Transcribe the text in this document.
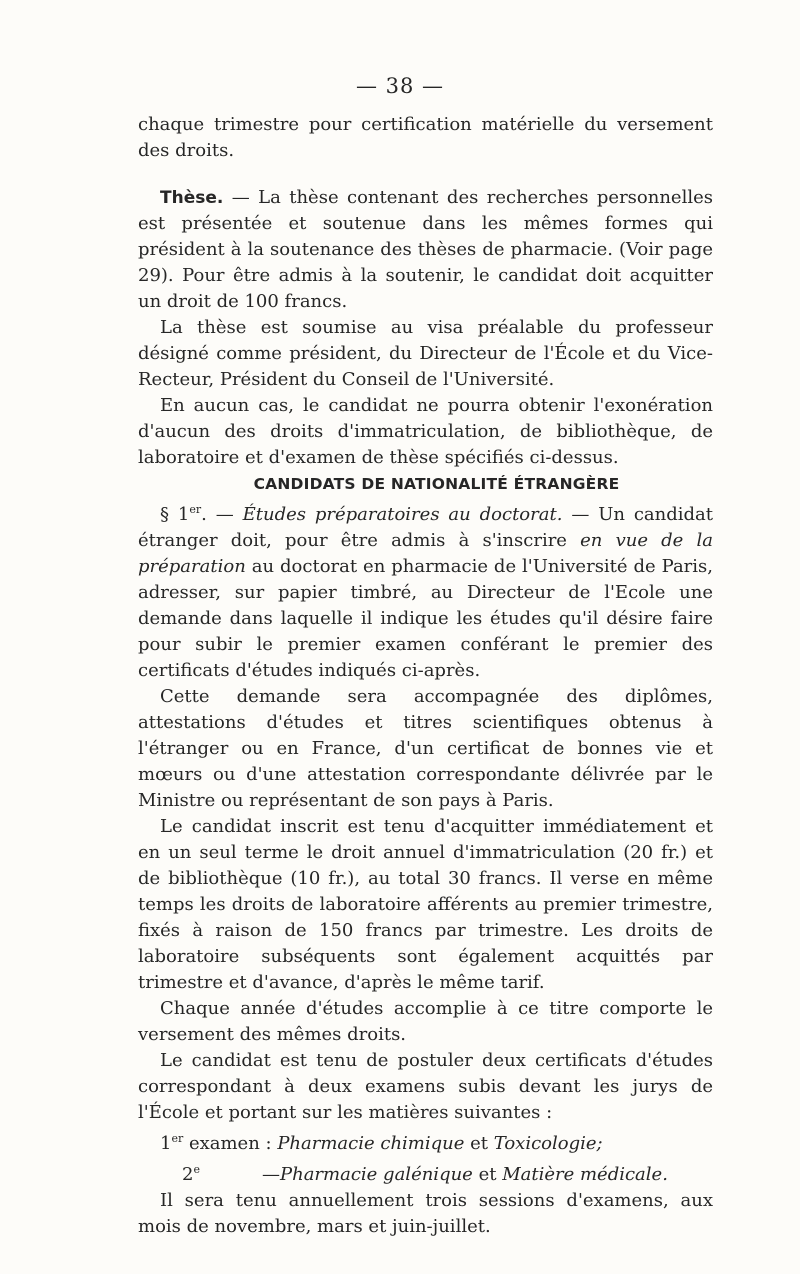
— 38 —

chaque trimestre pour certification matérielle du versement des droits.

Thèse. — La thèse contenant des recherches personnelles est présentée et soutenue dans les mêmes formes qui président à la soutenance des thèses de pharmacie. (Voir page 29). Pour être admis à la soutenir, le candidat doit acquitter un droit de 100 francs.

La thèse est soumise au visa préalable du professeur désigné comme président, du Directeur de l'École et du Vice-Recteur, Président du Conseil de l'Université.

En aucun cas, le candidat ne pourra obtenir l'exonération d'aucun des droits d'immatriculation, de bibliothèque, de laboratoire et d'examen de thèse spécifiés ci-dessus.

CANDIDATS DE NATIONALITÉ ÉTRANGÈRE

§ 1er. — Études préparatoires au doctorat. — Un candidat étranger doit, pour être admis à s'inscrire en vue de la préparation au doctorat en pharmacie de l'Université de Paris, adresser, sur papier timbré, au Directeur de l'Ecole une demande dans laquelle il indique les études qu'il désire faire pour subir le premier examen conférant le premier des certificats d'études indiqués ci-après.

Cette demande sera accompagnée des diplômes, attestations d'études et titres scientifiques obtenus à l'étranger ou en France, d'un certificat de bonnes vie et mœurs ou d'une attestation correspondante délivrée par le Ministre ou représentant de son pays à Paris.

Le candidat inscrit est tenu d'acquitter immédiatement et en un seul terme le droit annuel d'immatriculation (20 fr.) et de bibliothèque (10 fr.), au total 30 francs. Il verse en même temps les droits de laboratoire afférents au premier trimestre, fixés à raison de 150 francs par trimestre. Les droits de laboratoire subséquents sont également acquittés par trimestre et d'avance, d'après le même tarif.

Chaque année d'études accomplie à ce titre comporte le versement des mêmes droits.

Le candidat est tenu de postuler deux certificats d'études correspondant à deux examens subis devant les jurys de l'École et portant sur les matières suivantes :

1er examen : Pharmacie chimique et Toxicologie;

2e	—Pharmacie galénique et Matière médicale.

Il sera tenu annuellement trois sessions d'examens, aux mois de novembre, mars et juin-juillet.
